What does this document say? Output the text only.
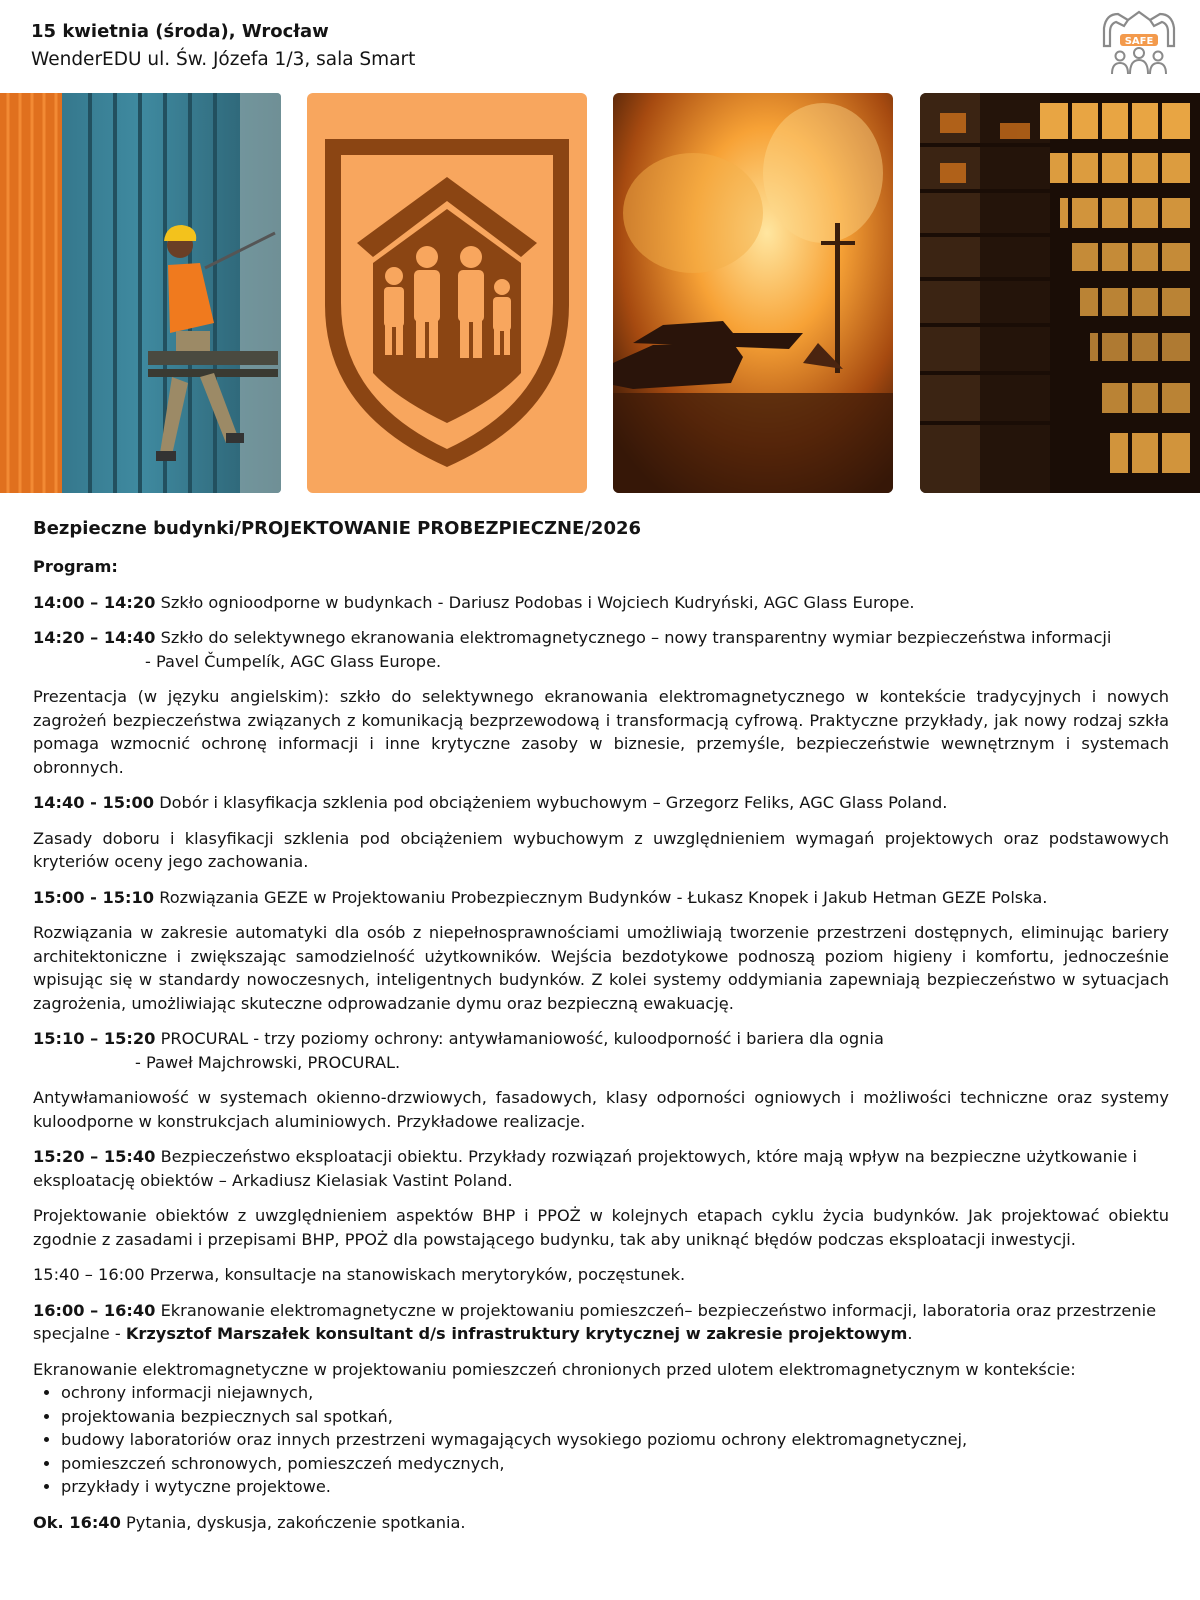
15 kwietnia (środa), Wrocław

WenderEDU ul. Św. Józefa 1/3, sala Smart

SAFE

Bezpieczne budynki/PROJEKTOWANIE PROBEZPIECZNE/2026

Program:

14:00 – 14:20 Szkło ognioodporne w budynkach - Dariusz Podobas i Wojciech Kudryński, AGC Glass Europe.

14:20 – 14:40 Szkło do selektywnego ekranowania elektromagnetycznego – nowy transparentny wymiar bezpieczeństwa informacji
- Pavel Čumpelík, AGC Glass Europe.

Prezentacja (w języku angielskim): szkło do selektywnego ekranowania elektromagnetycznego w kontekście tradycyjnych i nowych zagrożeń bezpieczeństwa związanych z komunikacją bezprzewodową i transformacją cyfrową. Praktyczne przykłady, jak nowy rodzaj szkła pomaga wzmocnić ochronę informacji i inne krytyczne zasoby w biznesie, przemyśle, bezpieczeństwie wewnętrznym i systemach obronnych.

14:40 - 15:00 Dobór i klasyfikacja szklenia pod obciążeniem wybuchowym – Grzegorz Feliks, AGC Glass Poland.

Zasady doboru i klasyfikacji szklenia pod obciążeniem wybuchowym z uwzględnieniem wymagań projektowych oraz podstawowych kryteriów oceny jego zachowania.

15:00 - 15:10 Rozwiązania GEZE w Projektowaniu Probezpiecznym Budynków - Łukasz Knopek i Jakub Hetman GEZE Polska.

Rozwiązania w zakresie automatyki dla osób z niepełnosprawnościami umożliwiają tworzenie przestrzeni dostępnych, eliminując bariery architektoniczne i zwiększając samodzielność użytkowników. Wejścia bezdotykowe podnoszą poziom higieny i komfortu, jednocześnie wpisując się w standardy nowoczesnych, inteligentnych budynków. Z kolei systemy oddymiania zapewniają bezpieczeństwo w sytuacjach zagrożenia, umożliwiając skuteczne odprowadzanie dymu oraz bezpieczną ewakuację.

15:10 – 15:20 PROCURAL - trzy poziomy ochrony: antywłamaniowość, kuloodporność i bariera dla ognia
- Paweł Majchrowski, PROCURAL.

Antywłamaniowość w systemach okienno-drzwiowych, fasadowych, klasy odporności ogniowych i możliwości techniczne oraz systemy kuloodporne w konstrukcjach aluminiowych. Przykładowe realizacje.

15:20 – 15:40 Bezpieczeństwo eksploatacji obiektu. Przykłady rozwiązań projektowych, które mają wpływ na bezpieczne użytkowanie i eksploatację obiektów – Arkadiusz Kielasiak Vastint Poland.

Projektowanie obiektów z uwzględnieniem aspektów BHP i PPOŻ w kolejnych etapach cyklu życia budynków. Jak projektować obiektu zgodnie z zasadami i przepisami BHP, PPOŻ dla powstającego budynku, tak aby uniknąć błędów podczas eksploatacji inwestycji.

15:40 – 16:00 Przerwa, konsultacje na stanowiskach merytoryków, poczęstunek.

16:00 – 16:40 Ekranowanie elektromagnetyczne w projektowaniu pomieszczeń– bezpieczeństwo informacji, laboratoria oraz przestrzenie specjalne - Krzysztof Marszałek konsultant d/s infrastruktury krytycznej w zakresie projektowym.

Ekranowanie elektromagnetyczne w projektowaniu pomieszczeń chronionych przed ulotem elektromagnetycznym w kontekście:

• ochrony informacji niejawnych,
• projektowania bezpiecznych sal spotkań,
• budowy laboratoriów oraz innych przestrzeni wymagających wysokiego poziomu ochrony elektromagnetycznej,
• pomieszczeń schronowych, pomieszczeń medycznych,
• przykłady i wytyczne projektowe.

Ok. 16:40 Pytania, dyskusja, zakończenie spotkania.
